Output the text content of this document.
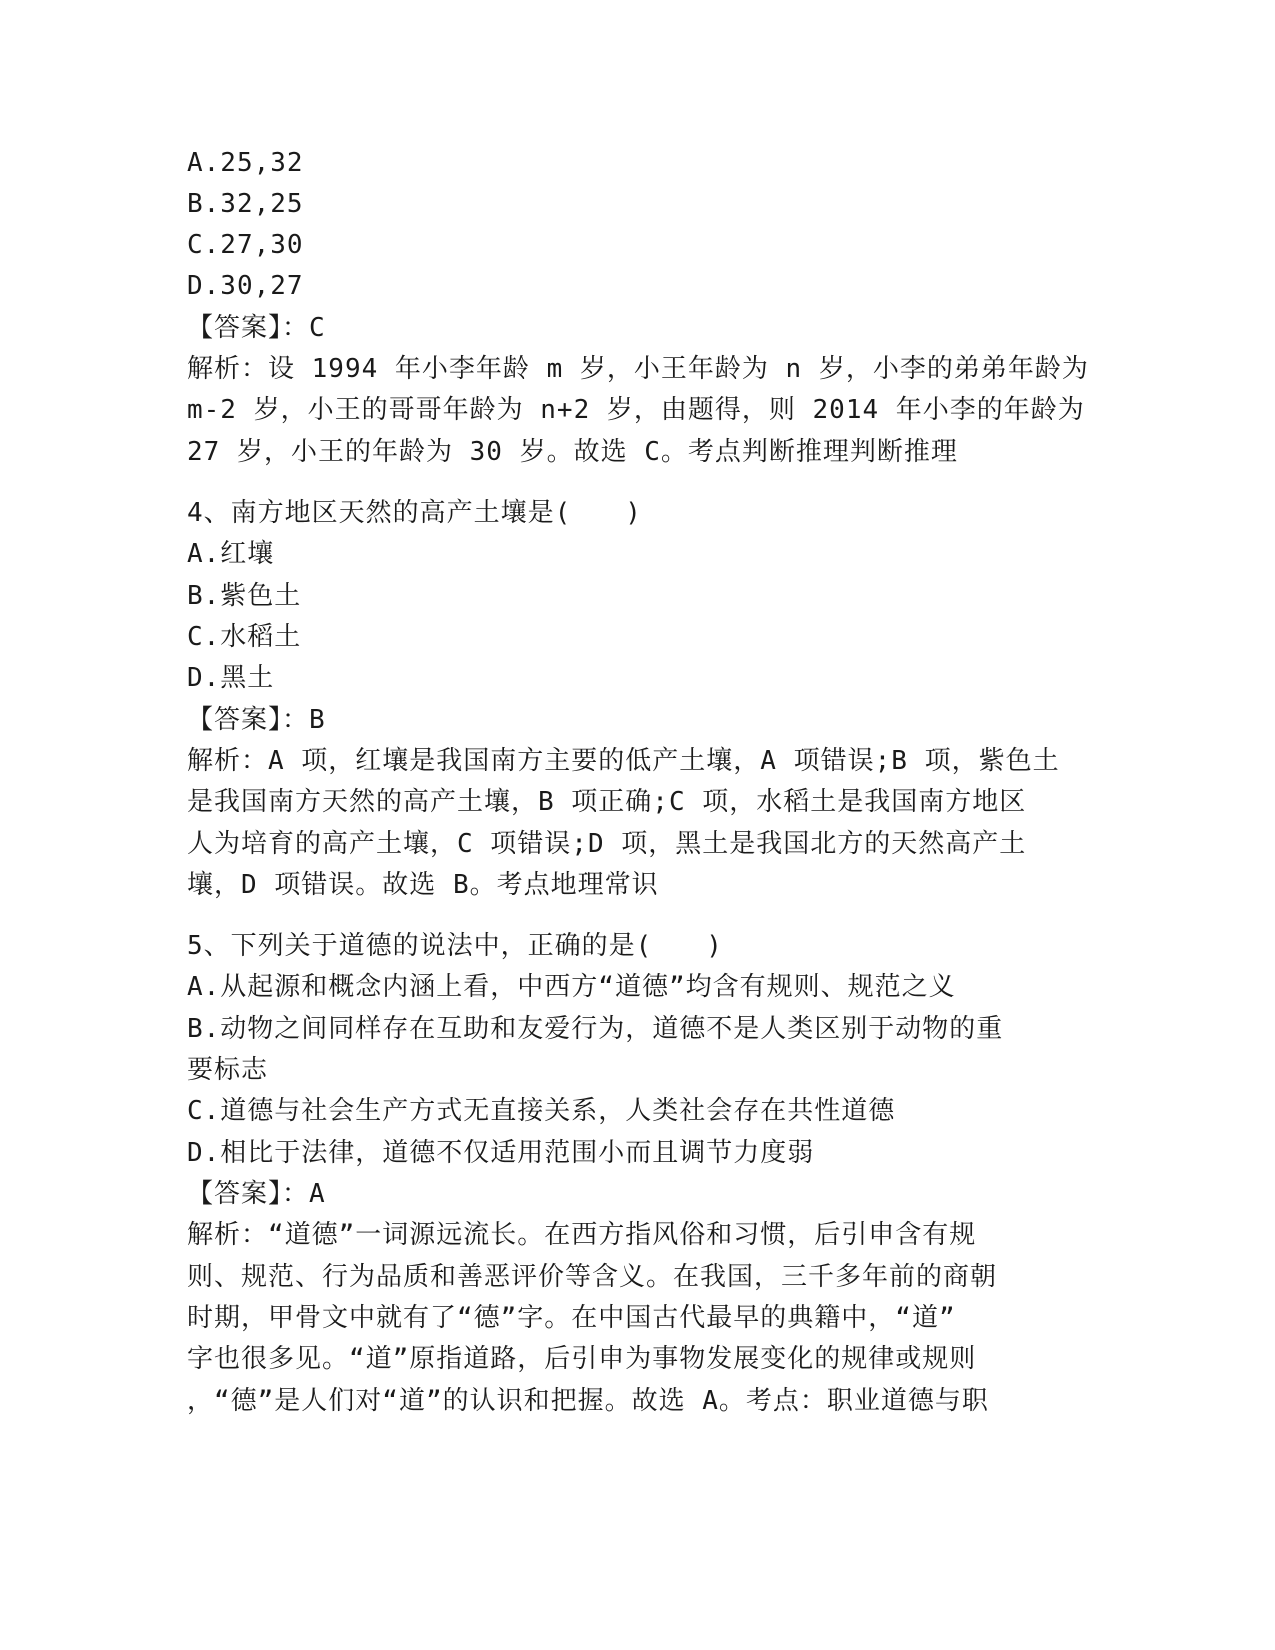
A.25,32
B.32,25
C.27,30
D.30,27
【答案】：C
解析：设 1994 年小李年龄 m 岁，小王年龄为 n 岁，小李的弟弟年龄为
m-2 岁，小王的哥哥年龄为 n+2 岁，由题得，则 2014 年小李的年龄为
27 岁，小王的年龄为 30 岁。故选 C。考点判断推理判断推理
4、南方地区天然的高产土壤是(　　)
A.红壤
B.紫色土
C.水稻土
D.黑土
【答案】：B
解析：A 项，红壤是我国南方主要的低产土壤，A 项错误;B 项，紫色土
是我国南方天然的高产土壤，B 项正确;C 项，水稻土是我国南方地区
人为培育的高产土壤，C 项错误;D 项，黑土是我国北方的天然高产土
壤，D 项错误。故选 B。考点地理常识
5、下列关于道德的说法中，正确的是(　　)
A.从起源和概念内涵上看，中西方“道德”均含有规则、规范之义
B.动物之间同样存在互助和友爱行为，道德不是人类区别于动物的重
要标志
C.道德与社会生产方式无直接关系，人类社会存在共性道德
D.相比于法律，道德不仅适用范围小而且调节力度弱
【答案】：A
解析：“道德”一词源远流长。在西方指风俗和习惯，后引申含有规
则、规范、行为品质和善恶评价等含义。在我国，三千多年前的商朝
时期，甲骨文中就有了“德”字。在中国古代最早的典籍中，“道”
字也很多见。“道”原指道路，后引申为事物发展变化的规律或规则
，“德”是人们对“道”的认识和把握。故选 A。考点：职业道德与职
